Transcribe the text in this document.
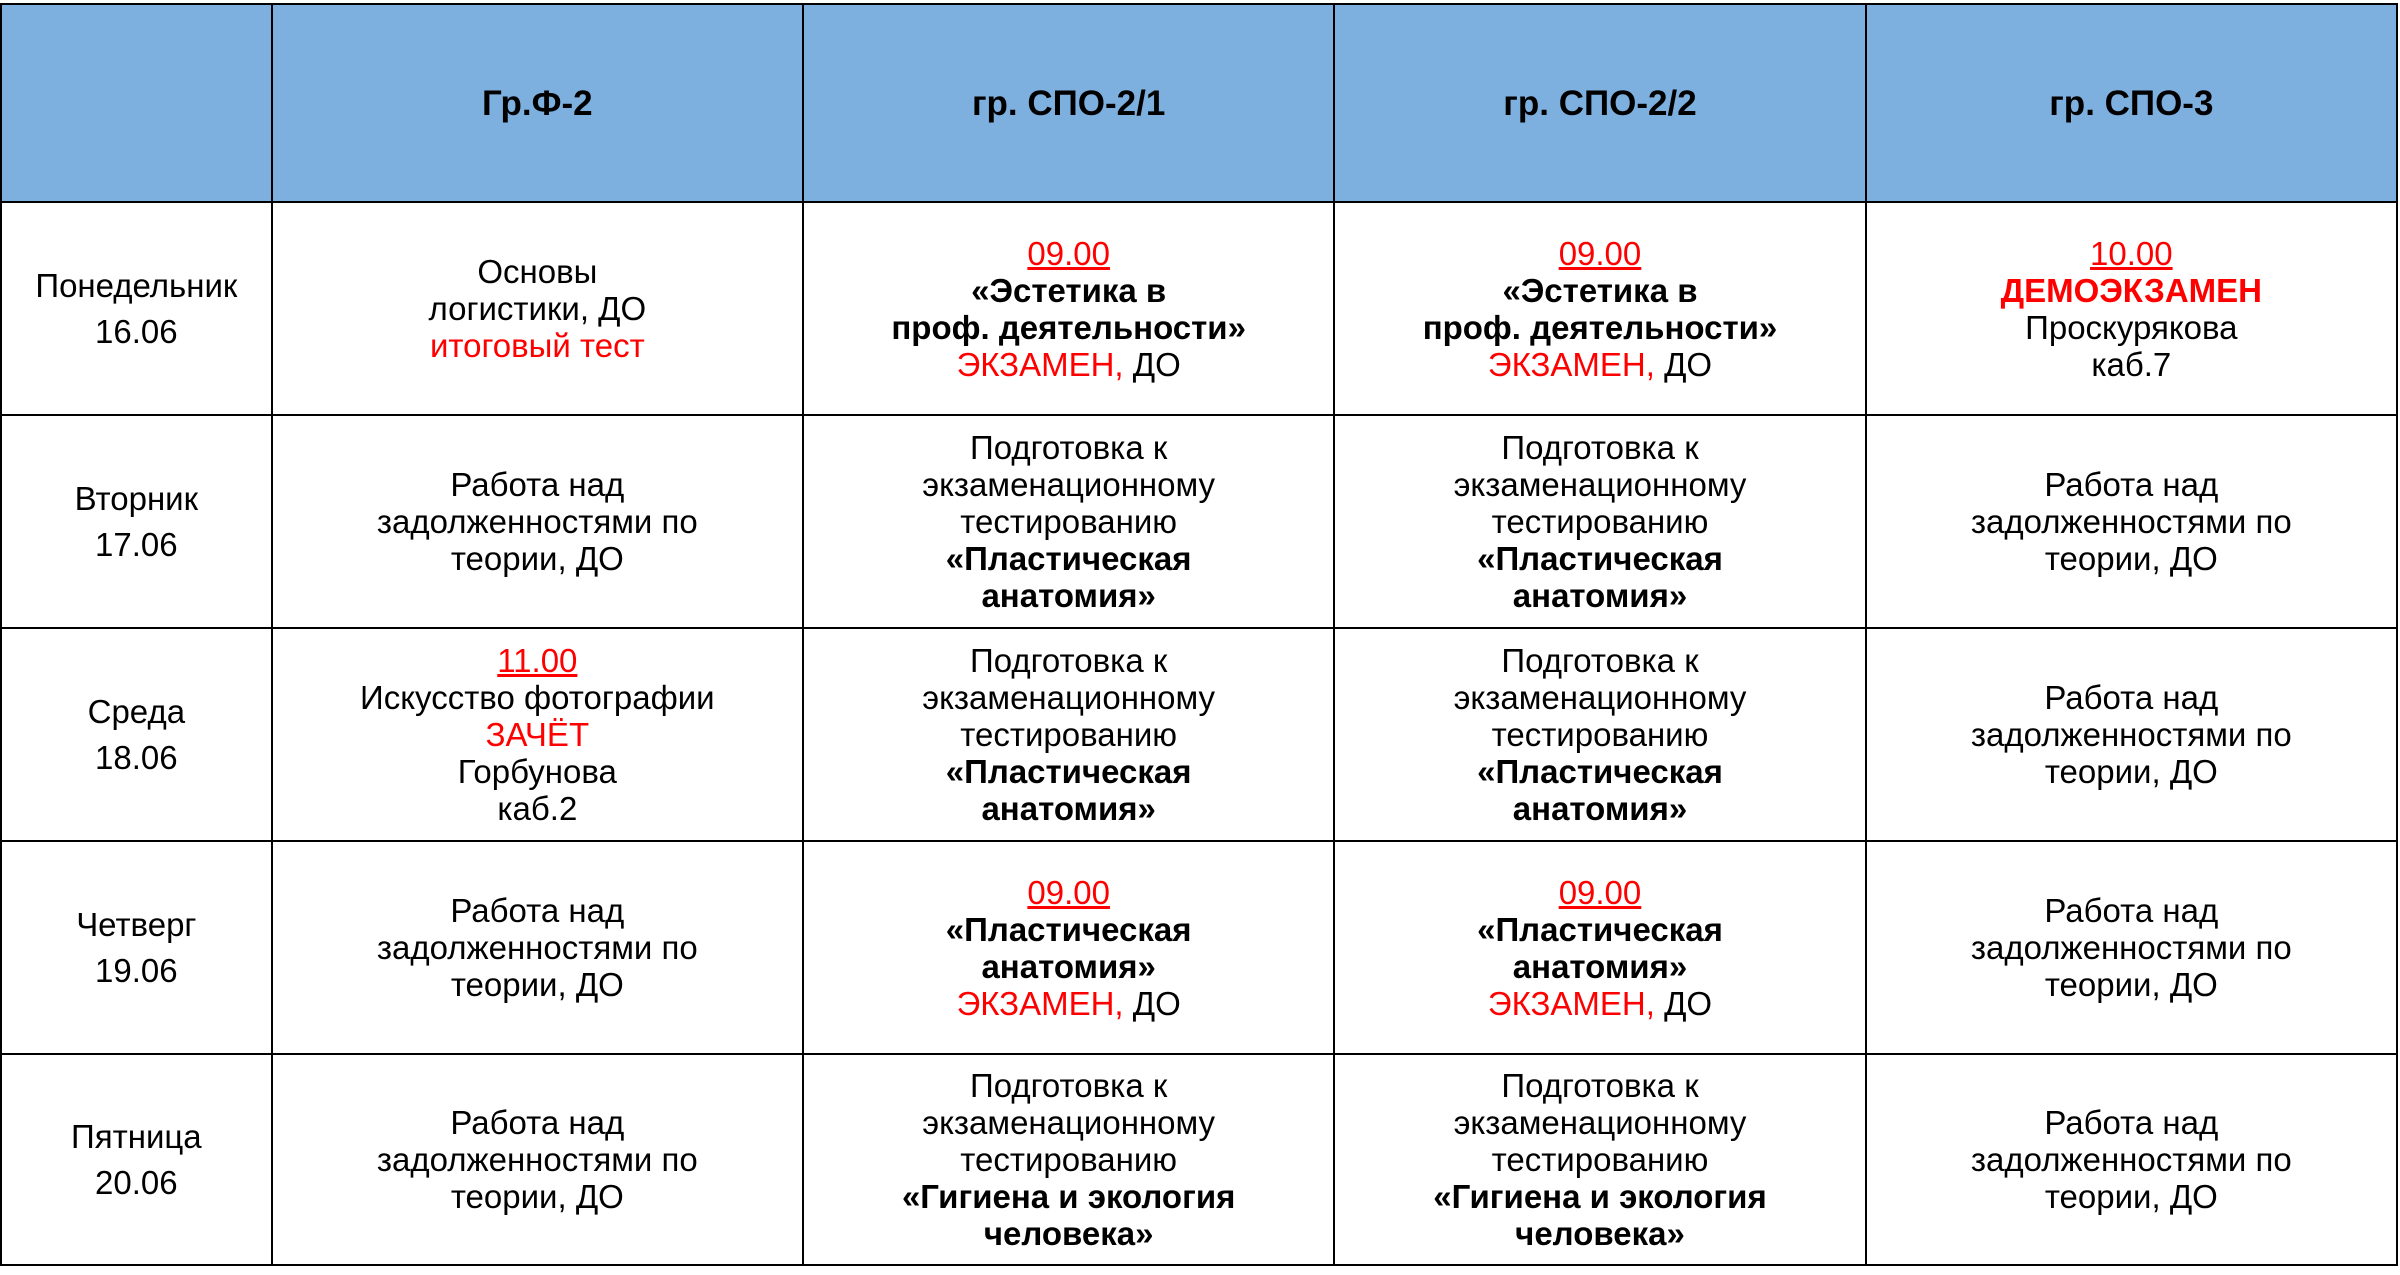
	Гр.Ф-2	гр. СПО-2/1	гр. СПО-2/2	гр. СПО-3

Понедельник
16.06	Основы
логистики, ДО
итоговый тест	09.00
«Эстетика в
проф. деятельности»
ЭКЗАМЕН, ДО	09.00
«Эстетика в
проф. деятельности»
ЭКЗАМЕН, ДО	10.00
ДЕМОЭКЗАМЕН
Проскурякова
каб.7

Вторник
17.06	Работа над
задолженностями по
теории, ДО	Подготовка к
экзаменационному
тестированию
«Пластическая
анатомия»	Подготовка к
экзаменационному
тестированию
«Пластическая
анатомия»	Работа над
задолженностями по
теории, ДО

Среда
18.06	11.00
Искусство фотографии
ЗАЧЁТ
Горбунова
каб.2	Подготовка к
экзаменационному
тестированию
«Пластическая
анатомия»	Подготовка к
экзаменационному
тестированию
«Пластическая
анатомия»	Работа над
задолженностями по
теории, ДО

Четверг
19.06	Работа над
задолженностями по
теории, ДО	09.00
«Пластическая
анатомия»
ЭКЗАМЕН, ДО	09.00
«Пластическая
анатомия»
ЭКЗАМЕН, ДО	Работа над
задолженностями по
теории, ДО

Пятница
20.06	Работа над
задолженностями по
теории, ДО	Подготовка к
экзаменационному
тестированию
«Гигиена и экология
человека»	Подготовка к
экзаменационному
тестированию
«Гигиена и экология
человека»	Работа над
задолженностями по
теории, ДО
